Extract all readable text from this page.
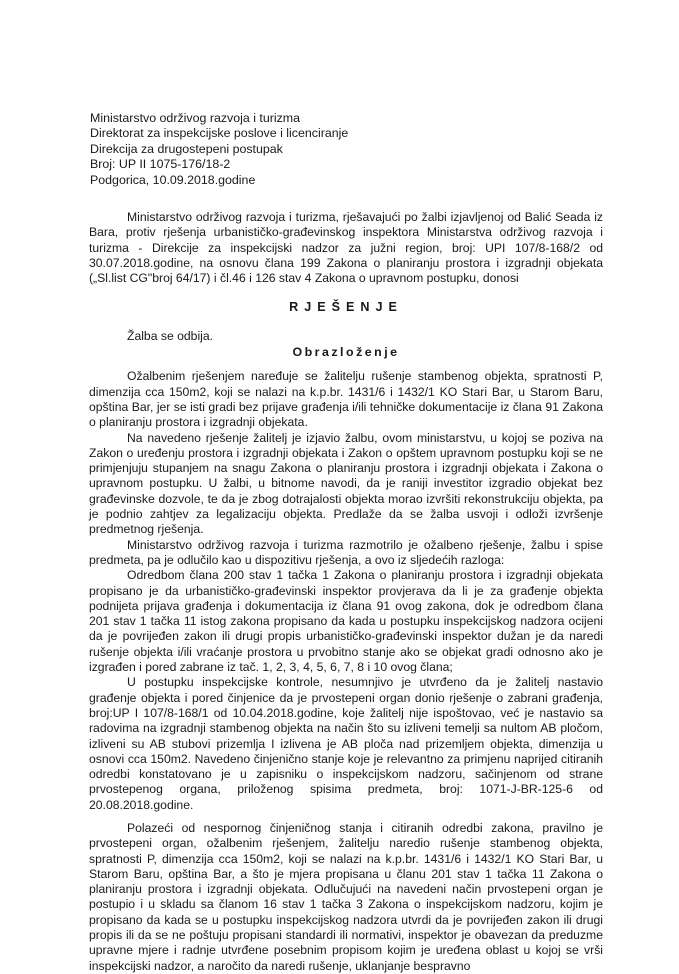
Ministarstvo održivog razvoja i turizma
Direktorat za inspekcijske poslove i licenciranje
Direkcija za drugostepeni postupak
Broj: UP II 1075-176/18-2
Podgorica, 10.09.2018.godine

Ministarstvo održivog razvoja i turizma, rješavajući po žalbi izjavljenoj od Balić Seada iz Bara, protiv rješenja urbanističko-građevinskog inspektora Ministarstva održivog razvoja i turizma - Direkcije za inspekcijski nadzor za južni region, broj: UPI 107/8-168/2 od 30.07.2018.godine, na osnovu člana 199 Zakona o planiranju prostora i izgradnji objekata („Sl.list CG"broj 64/17) i čl.46 i 126 stav 4 Zakona o upravnom postupku, donosi

RJEŠENJE

Žalba se odbija.

Obrazloženje

Ožalbenim rješenjem naređuje se žalitelju rušenje stambenog objekta, spratnosti P, dimenzija cca 150m2, koji se nalazi na k.p.br. 1431/6 i 1432/1 KO Stari Bar, u Starom Baru, opština Bar, jer se isti gradi bez prijave građenja i/ili tehničke dokumentacije iz člana 91 Zakona o planiranju prostora i izgradnji objekata.

Na navedeno rješenje žalitelj je izjavio žalbu, ovom ministarstvu, u kojoj se poziva na Zakon o uređenju prostora i izgradnji objekata i Zakon o opštem upravnom postupku koji se ne primjenjuju stupanjem na snagu Zakona o planiranju prostora i izgradnji objekata i Zakona o upravnom postupku. U žalbi, u bitnome navodi, da je raniji investitor izgradio objekat bez građevinske dozvole, te da je zbog dotrajalosti objekta morao izvršiti rekonstrukciju objekta, pa je podnio zahtjev za legalizaciju objekta. Predlaže da se žalba usvoji i odloži izvršenje predmetnog rješenja.

Ministarstvo održivog razvoja i turizma razmotrilo je ožalbeno rješenje, žalbu i spise predmeta, pa je odlučilo kao u dispozitivu rješenja, a ovo iz sljedećih razloga:

Odredbom člana 200 stav 1 tačka 1 Zakona o planiranju prostora i izgradnji objekata propisano je da urbanističko-građevinski inspektor provjerava da li je za građenje objekta podnijeta prijava građenja i dokumentacija iz člana 91 ovog zakona, dok je odredbom člana 201 stav 1 tačka 11 istog zakona propisano da kada u postupku inspekcijskog nadzora ocijeni da je povrijeđen zakon ili drugi propis urbanističko-građevinski inspektor dužan je da naredi rušenje objekta i/ili vraćanje prostora u prvobitno stanje ako se objekat gradi odnosno ako je izgrađen i pored zabrane iz tač. 1, 2, 3, 4, 5, 6, 7, 8 i 10 ovog člana;

U postupku inspekcijske kontrole, nesumnjivo je utvrđeno da je žalitelj nastavio građenje objekta i pored činjenice da je prvostepeni organ donio rješenje o zabrani građenja, broj:UP I 107/8-168/1 od 10.04.2018.godine, koje žalitelj nije ispoštovao, već je nastavio sa radovima na izgradnji stambenog objekta na način što su izliveni temelji sa nultom AB pločom, izliveni su AB stubovi prizemlja I izlivena je AB ploča nad prizemljem objekta, dimenzija u osnovi cca 150m2. Navedeno činjenično stanje koje je relevantno za primjenu naprijed citiranih odredbi konstatovano je u zapisniku o inspekcijskom nadzoru, sačinjenom od strane prvostepenog organa, priloženog spisima predmeta, broj: 1071-J-BR-125-6 od 20.08.2018.godine.

Polazeći od nespornog činjeničnog stanja i citiranih odredbi zakona, pravilno je prvostepeni organ, ožalbenim rješenjem, žalitelju naredio rušenje stambenog objekta, spratnosti P, dimenzija cca 150m2, koji se nalazi na k.p.br. 1431/6 i 1432/1 KO Stari Bar, u Starom Baru, opština Bar, a što je mjera propisana u članu 201 stav 1 tačka 11 Zakona o planiranju prostora i izgradnji objekata. Odlučujući na navedeni način prvostepeni organ je postupio i u skladu sa članom 16 stav 1 tačka 3 Zakona o inspekcijskom nadzoru, kojim je propisano da kada se u postupku inspekcijskog nadzora utvrdi da je povrijeđen zakon ili drugi propis ili da se ne poštuju propisani standardi ili normativi, inspektor je obavezan da preduzme upravne mjere i radnje utvrđene posebnim propisom kojim je uređena oblast u kojoj se vrši inspekcijski nadzor, a naročito da naredi rušenje, uklanjanje bespravno
